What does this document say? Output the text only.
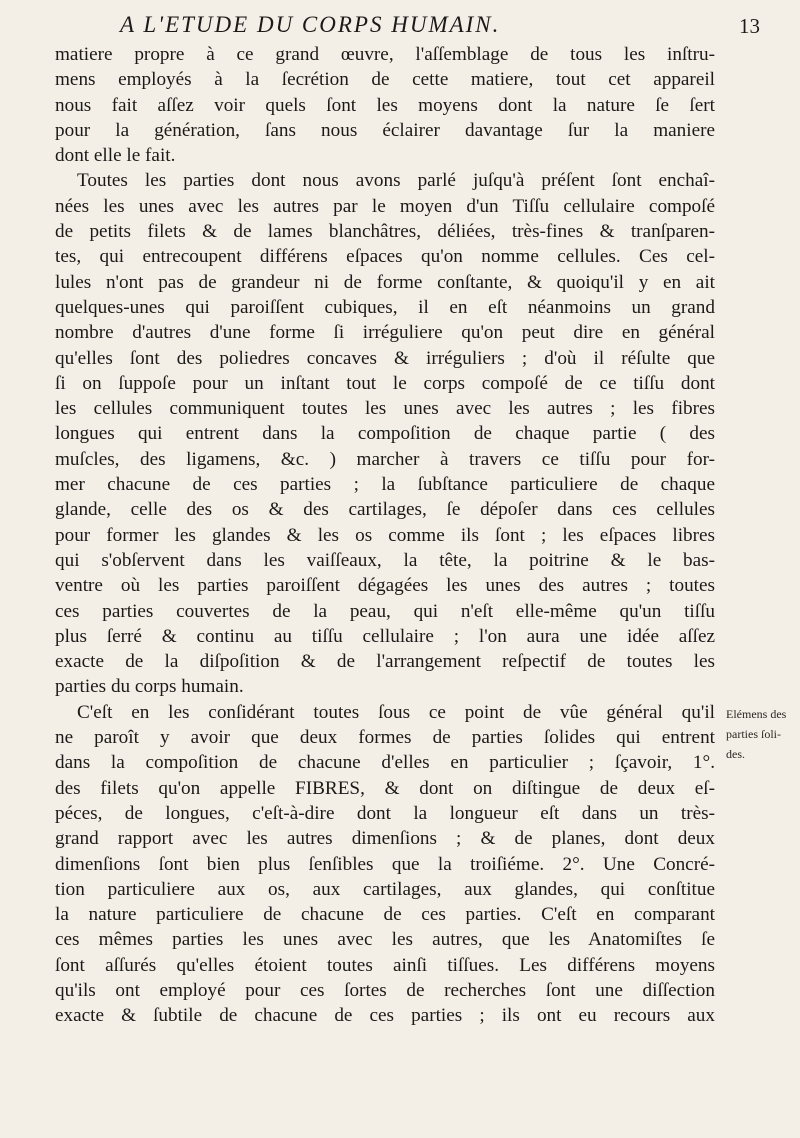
A L'ETUDE DU CORPS HUMAIN.	13
matiere propre à ce grand œuvre, l'aſſemblage de tous les inſtru-
mens employés à la ſecrétion de cette matiere, tout cet appareil
nous fait aſſez voir quels ſont les moyens dont la nature ſe ſert
pour la génération, ſans nous éclairer davantage ſur la maniere
dont elle le fait.
Toutes les parties dont nous avons parlé juſqu'à préſent ſont enchaî-
nées les unes avec les autres par le moyen d'un Tiſſu cellulaire compoſé
de petits filets & de lames blanchâtres, déliées, très-fines & tranſparen-
tes, qui entrecoupent différens eſpaces qu'on nomme cellules. Ces cel-
lules n'ont pas de grandeur ni de forme conſtante, & quoiqu'il y en ait
quelques-unes qui paroiſſent cubiques, il en eſt néanmoins un grand
nombre d'autres d'une forme ſi irréguliere qu'on peut dire en général
qu'elles ſont des poliedres concaves & irréguliers ; d'où il réſulte que
ſi on ſuppoſe pour un inſtant tout le corps compoſé de ce tiſſu dont
les cellules communiquent toutes les unes avec les autres ; les fibres
longues qui entrent dans la compoſition de chaque partie ( des
muſcles, des ligamens, &c. ) marcher à travers ce tiſſu pour for-
mer chacune de ces parties ; la ſubſtance particuliere de chaque
glande, celle des os & des cartilages, ſe dépoſer dans ces cellules
pour former les glandes & les os comme ils ſont ; les eſpaces libres
qui s'obſervent dans les vaiſſeaux, la tête, la poitrine & le bas-
ventre où les parties paroiſſent dégagées les unes des autres ; toutes
ces parties couvertes de la peau, qui n'eſt elle-même qu'un tiſſu
plus ſerré & continu au tiſſu cellulaire ; l'on aura une idée aſſez
exacte de la diſpoſition & de l'arrangement reſpectif de toutes les
parties du corps humain.
C'eſt en les conſidérant toutes ſous ce point de vûe général qu'il
ne paroît y avoir que deux formes de parties ſolides qui entrent
dans la compoſition de chacune d'elles en particulier ; ſçavoir, 1°.
des filets qu'on appelle FIBRES, & dont on diſtingue de deux eſ-
péces, de longues, c'eſt-à-dire dont la longueur eſt dans un très-
grand rapport avec les autres dimenſions ; & de planes, dont deux
dimenſions ſont bien plus ſenſibles que la troiſiéme. 2°. Une Concré-
tion particuliere aux os, aux cartilages, aux glandes, qui conſtitue
la nature particuliere de chacune de ces parties. C'eſt en comparant
ces mêmes parties les unes avec les autres, que les Anatomiſtes ſe
ſont aſſurés qu'elles étoient toutes ainſi tiſſues. Les différens moyens
qu'ils ont employé pour ces ſortes de recherches ſont une diſſection
exacte & ſubtile de chacune de ces parties ; ils ont eu recours aux
Elémens des
parties ſoli-
des.
